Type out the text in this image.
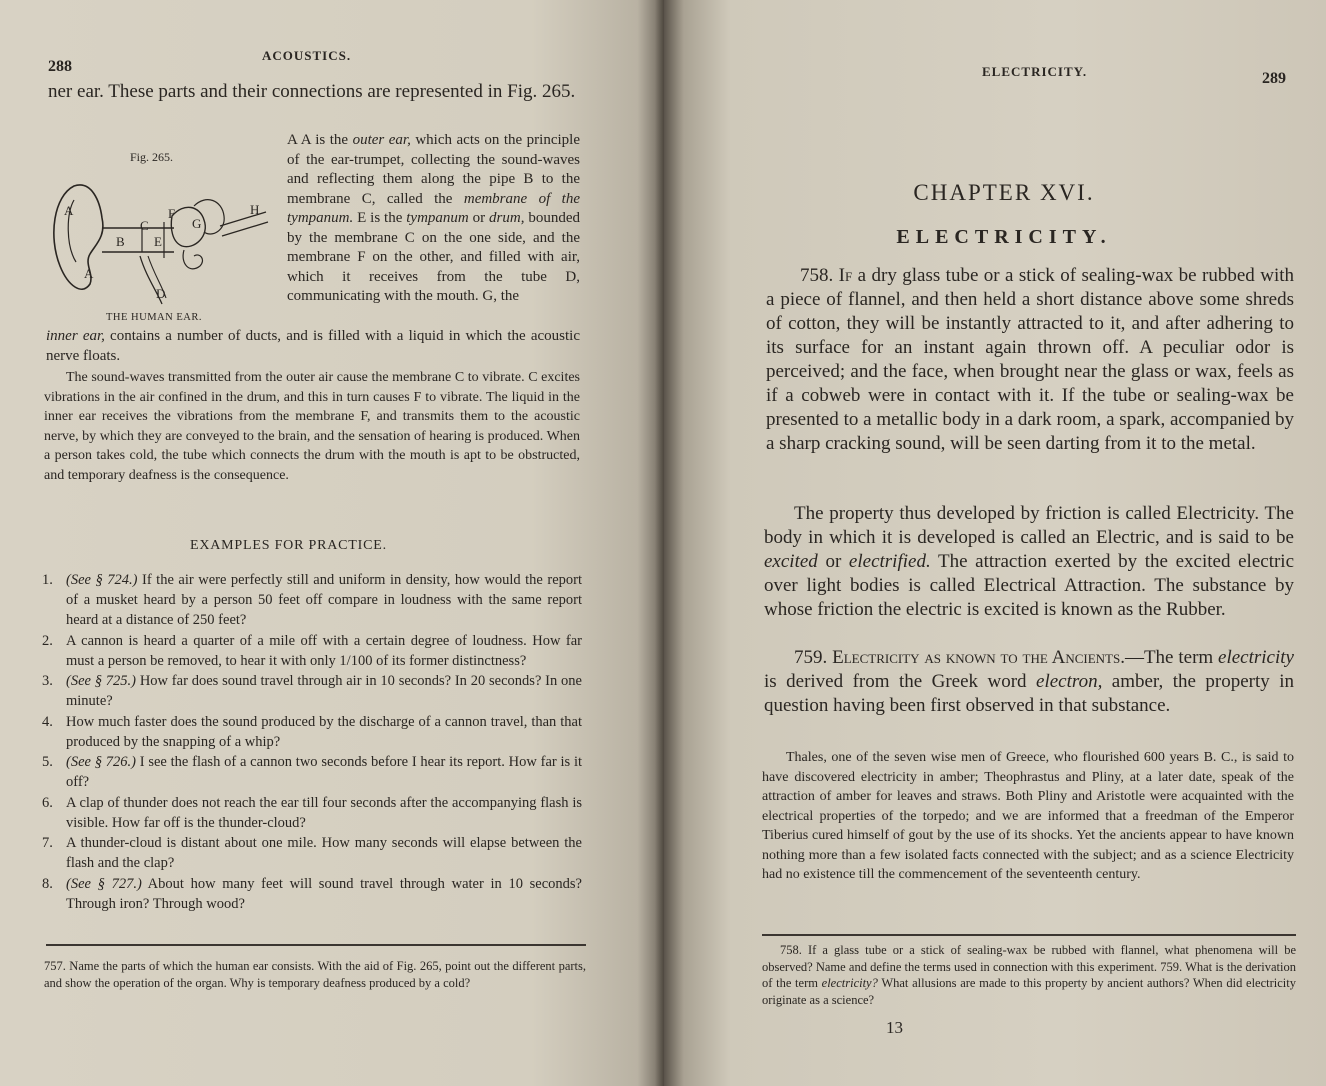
288
ACOUSTICS.

ner ear. These parts and their connections are represented in Fig. 265.

Fig. 265.
A
A
B
C
E
F
G
H
D
THE HUMAN EAR.

A A is the outer ear, which acts on the principle of the ear-trumpet, collecting the sound-waves and reflecting them along the pipe B to the membrane C, called the membrane of the tympanum. E is the tympanum or drum, bounded by the membrane C on the one side, and the membrane F on the other, and filled with air, which it receives from the tube D, communicating with the mouth. G, the

inner ear, contains a number of ducts, and is filled with a liquid in which the acoustic nerve floats.

The sound-waves transmitted from the outer air cause the membrane C to vibrate. C excites vibrations in the air confined in the drum, and this in turn causes F to vibrate. The liquid in the inner ear receives the vibrations from the membrane F, and transmits them to the acoustic nerve, by which they are conveyed to the brain, and the sensation of hearing is produced. When a person takes cold, the tube which connects the drum with the mouth is apt to be obstructed, and temporary deafness is the consequence.

EXAMPLES FOR PRACTICE.
1. (See § 724.) If the air were perfectly still and uniform in density, how would the report of a musket heard by a person 50 feet off compare in loudness with the same report heard at a distance of 250 feet?
2. A cannon is heard a quarter of a mile off with a certain degree of loudness. How far must a person be removed, to hear it with only 1/100 of its former distinctness?
3. (See § 725.) How far does sound travel through air in 10 seconds? In 20 seconds? In one minute?
4. How much faster does the sound produced by the discharge of a cannon travel, than that produced by the snapping of a whip?
5. (See § 726.) I see the flash of a cannon two seconds before I hear its report. How far is it off?
6. A clap of thunder does not reach the ear till four seconds after the accompanying flash is visible. How far off is the thunder-cloud?
7. A thunder-cloud is distant about one mile. How many seconds will elapse between the flash and the clap?
8. (See § 727.) About how many feet will sound travel through water in 10 seconds? Through iron? Through wood?

757. Name the parts of which the human ear consists. With the aid of Fig. 265, point out the different parts, and show the operation of the organ. Why is temporary deafness produced by a cold?

ELECTRICITY.	289
CHAPTER XVI.
ELECTRICITY.

758. If a dry glass tube or a stick of sealing-wax be rubbed with a piece of flannel, and then held a short distance above some shreds of cotton, they will be instantly attracted to it, and after adhering to its surface for an instant again thrown off. A peculiar odor is perceived; and the face, when brought near the glass or wax, feels as if a cobweb were in contact with it. If the tube or sealing-wax be presented to a metallic body in a dark room, a spark, accompanied by a sharp cracking sound, will be seen darting from it to the metal.

The property thus developed by friction is called Electricity. The body in which it is developed is called an Electric, and is said to be excited or electrified. The attraction exerted by the excited electric over light bodies is called Electrical Attraction. The substance by whose friction the electric is excited is known as the Rubber.

759. Electricity as known to the Ancients.—The term electricity is derived from the Greek word electron, amber, the property in question having been first observed in that substance.

Thales, one of the seven wise men of Greece, who flourished 600 years B. C., is said to have discovered electricity in amber; Theophrastus and Pliny, at a later date, speak of the attraction of amber for leaves and straws. Both Pliny and Aristotle were acquainted with the electrical properties of the torpedo; and we are informed that a freedman of the Emperor Tiberius cured himself of gout by the use of its shocks. Yet the ancients appear to have known nothing more than a few isolated facts connected with the subject; and as a science Electricity had no existence till the commencement of the seventeenth century.

758. If a glass tube or a stick of sealing-wax be rubbed with flannel, what phenomena will be observed? Name and define the terms used in connection with this experiment. 759. What is the derivation of the term electricity? What allusions are made to this property by ancient authors? When did electricity originate as a science?

13
